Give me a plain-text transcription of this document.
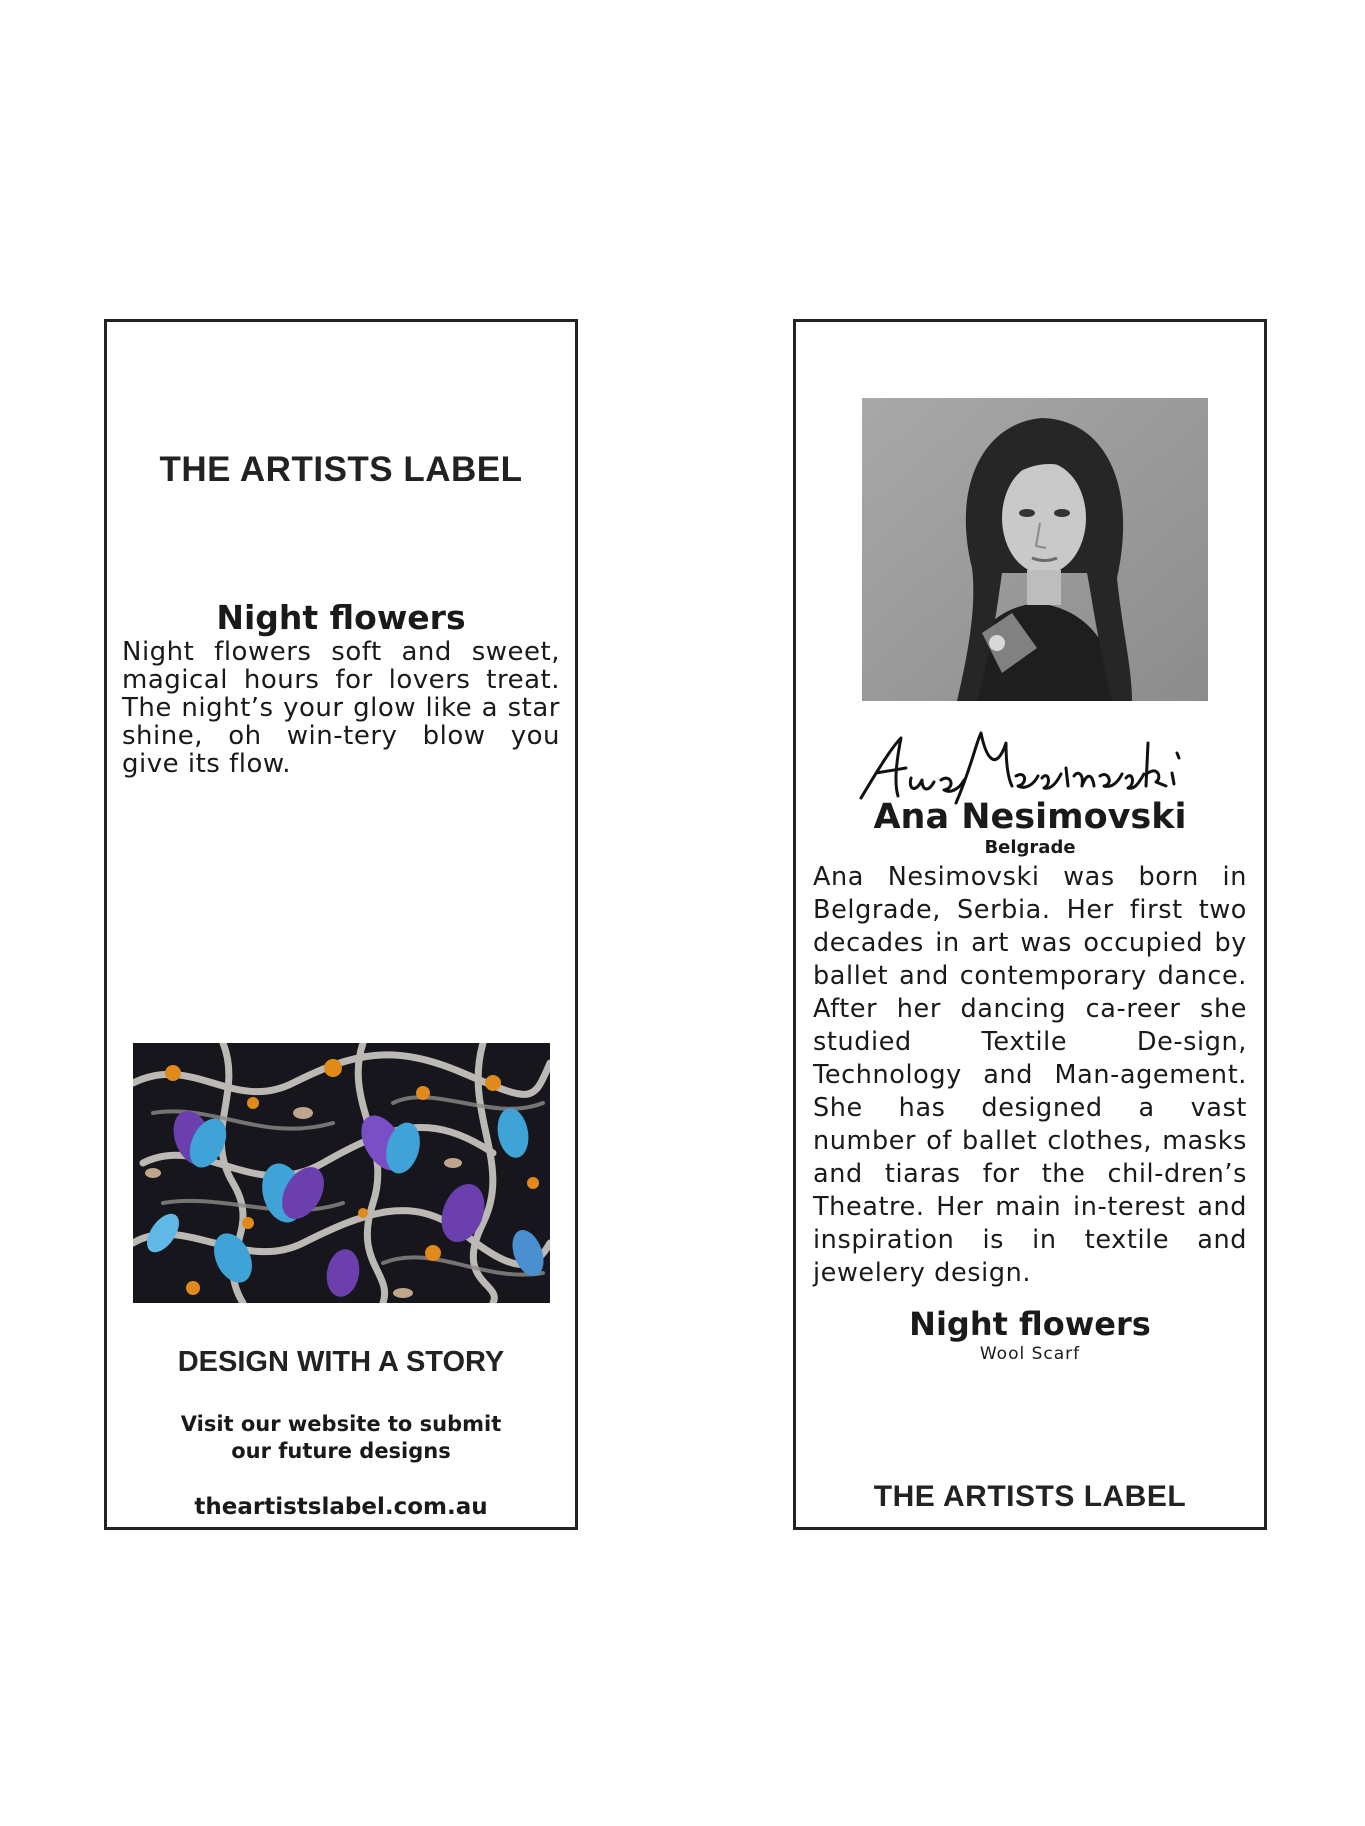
THE ARTISTS LABEL
Night flowers
Night flowers soft and sweet, magical hours for lovers treat. The night’s your glow like a star shine, oh win-tery blow you give its flow.
DESIGN WITH A STORY
Visit our website to submit
our future designs
theartistslabel.com.au
Ana Nesimovski
Belgrade
Ana Nesimovski was born in Belgrade, Serbia. Her first two decades in art was occupied by ballet and contemporary dance. After her dancing ca-reer she studied Textile De-sign, Technology and Man-agement. She has designed a vast number of ballet clothes, masks and tiaras for the chil-dren’s Theatre. Her main in-terest and inspiration is in textile and jewelery design.
Night flowers
Wool Scarf
THE ARTISTS LABEL
